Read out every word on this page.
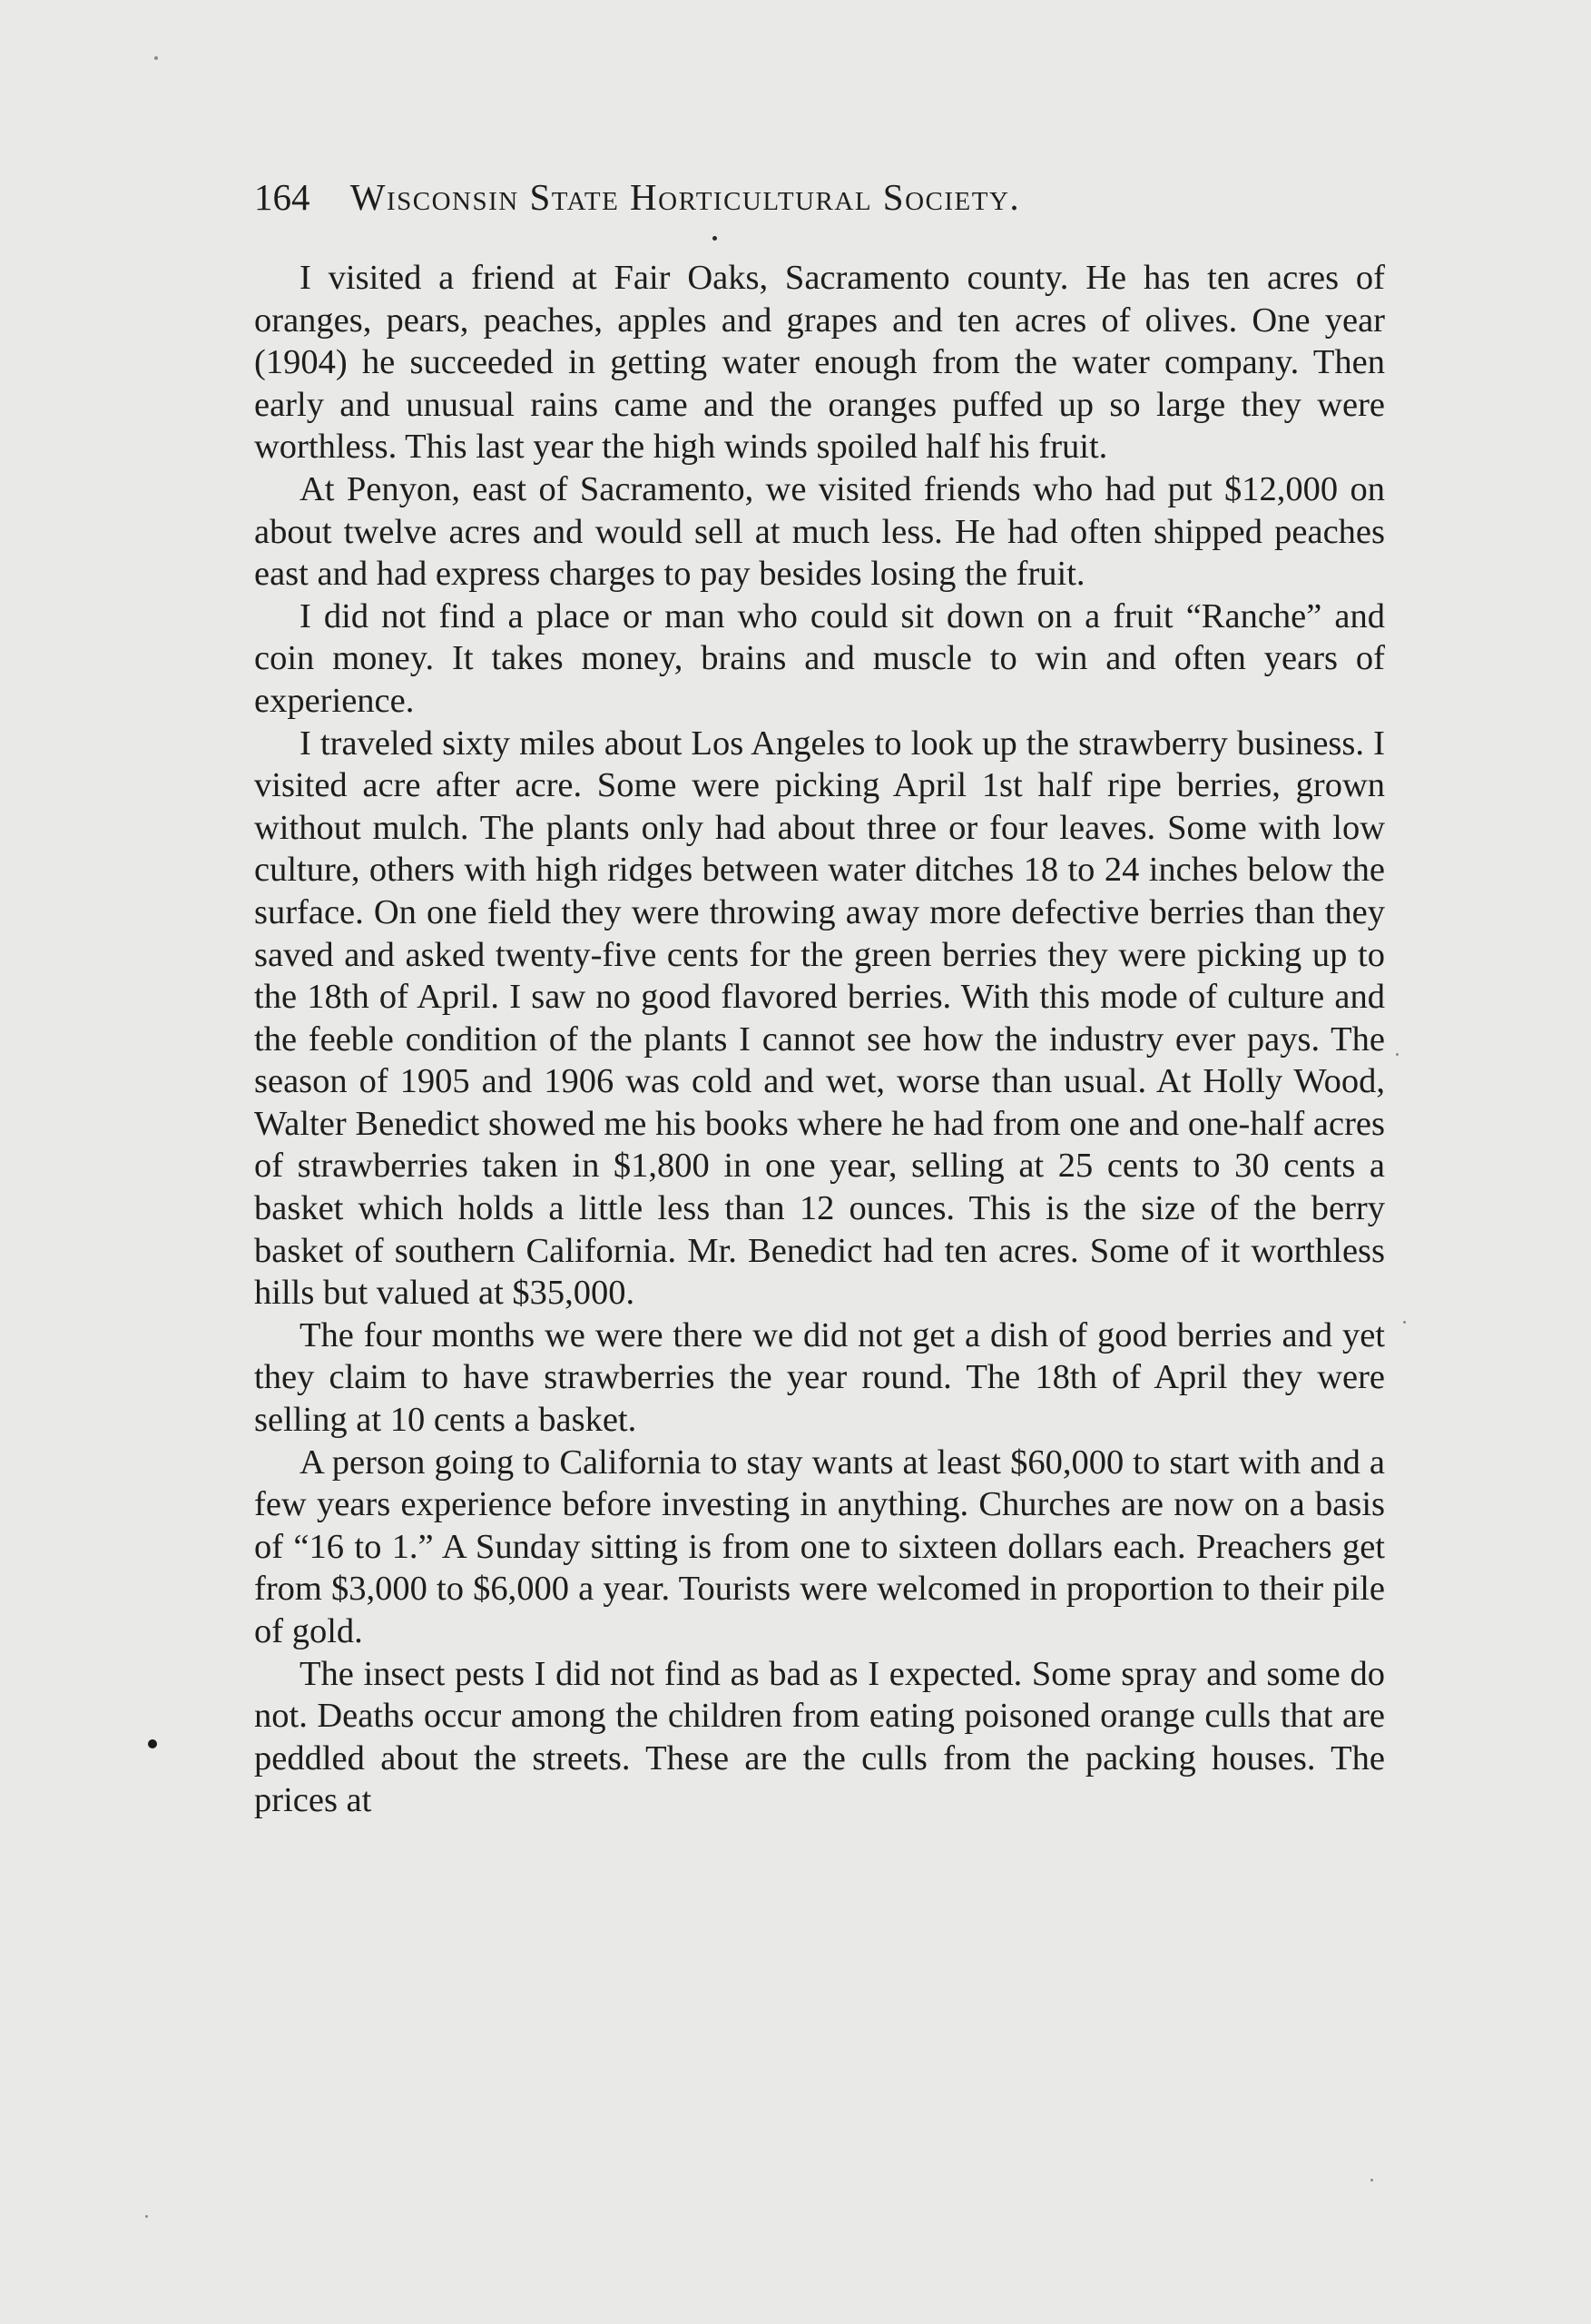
164 Wisconsin State Horticultural Society.

I visited a friend at Fair Oaks, Sacramento county. He has ten acres of oranges, pears, peaches, apples and grapes and ten acres of olives. One year (1904) he succeeded in getting water enough from the water company. Then early and unusual rains came and the oranges puffed up so large they were worthless. This last year the high winds spoiled half his fruit.

At Penyon, east of Sacramento, we visited friends who had put $12,000 on about twelve acres and would sell at much less. He had often shipped peaches east and had express charges to pay besides losing the fruit.

I did not find a place or man who could sit down on a fruit “Ranche” and coin money. It takes money, brains and muscle to win and often years of experience.

I traveled sixty miles about Los Angeles to look up the strawberry business. I visited acre after acre. Some were picking April 1st half ripe berries, grown without mulch. The plants only had about three or four leaves. Some with low culture, others with high ridges between water ditches 18 to 24 inches below the surface. On one field they were throwing away more defective berries than they saved and asked twenty-five cents for the green berries they were picking up to the 18th of April. I saw no good flavored berries. With this mode of culture and the feeble condition of the plants I cannot see how the industry ever pays. The season of 1905 and 1906 was cold and wet, worse than usual. At Holly Wood, Walter Benedict showed me his books where he had from one and one-half acres of strawberries taken in $1,800 in one year, selling at 25 cents to 30 cents a basket which holds a little less than 12 ounces. This is the size of the berry basket of southern California. Mr. Benedict had ten acres. Some of it worthless hills but valued at $35,000.

The four months we were there we did not get a dish of good berries and yet they claim to have strawberries the year round. The 18th of April they were selling at 10 cents a basket.

A person going to California to stay wants at least $60,000 to start with and a few years experience before investing in anything. Churches are now on a basis of “16 to 1.” A Sunday sitting is from one to sixteen dollars each. Preachers get from $3,000 to $6,000 a year. Tourists were welcomed in proportion to their pile of gold.

The insect pests I did not find as bad as I expected. Some spray and some do not. Deaths occur among the children from eating poisoned orange culls that are peddled about the streets. These are the culls from the packing houses. The prices at
